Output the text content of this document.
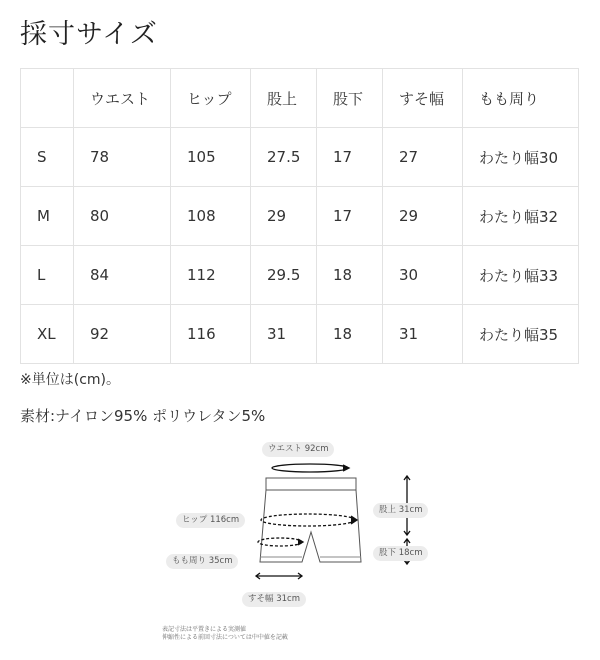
採寸サイズ
	ウエスト	ヒップ	股上	股下	すそ幅	もも周り
S	78	105	27.5	17	27	わたり幅30
M	80	108	29	17	29	わたり幅32
L	84	112	29.5	18	30	わたり幅33
XL	92	116	31	18	31	わたり幅35
※単位は(cm)。
素材:ナイロン95% ポリウレタン5%
ウエスト 92cm
ヒップ 116cm
もも周り 35cm
すそ幅 31cm
股上 31cm
股下 18cm
表記寸法は平置きによる実測値
伸縮性による前回寸法については中中値を記載
